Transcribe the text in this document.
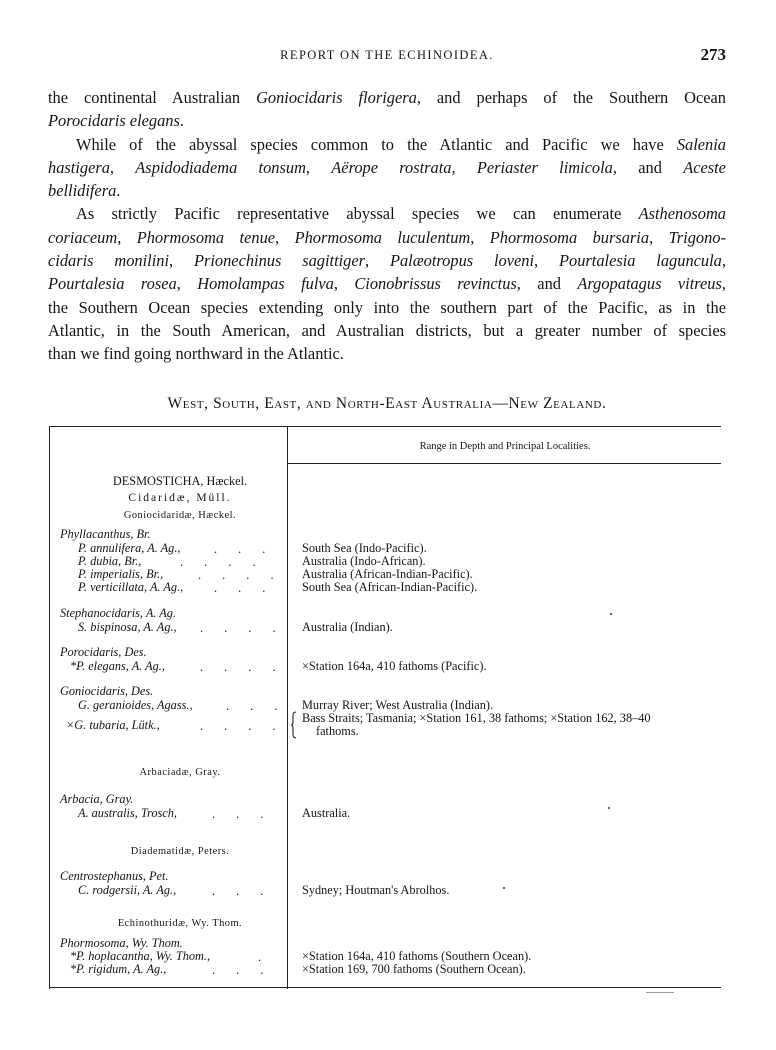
REPORT ON THE ECHINOIDEA.	273
the continental Australian Goniocidaris florigera, and perhaps of the Southern Ocean
Porocidaris elegans.
While of the abyssal species common to the Atlantic and Pacific we have Salenia
hastigera, Aspidodiadema tonsum, Aërope rostrata, Periaster limicola, and Aceste
bellidifera.
As strictly Pacific representative abyssal species we can enumerate Asthenosoma
coriaceum, Phormosoma tenue, Phormosoma luculentum, Phormosoma bursaria, Trigono-
cidaris monilini, Prionechinus sagittiger, Palæotropus loveni, Pourtalesia laguncula,
Pourtalesia rosea, Homolampas fulva, Cionobrissus revinctus, and Argopatagus vitreus,
the Southern Ocean species extending only into the southern part of the Pacific, as in the
Atlantic, in the South American, and Australian districts, but a greater number of species
than we find going northward in the Atlantic.
West, South, East, and North-East Australia—New Zealand.
Range in Depth and Principal Localities.
DESMOSTICHA, Hæckel.
Cidaridæ, Müll.
Goniocidaridæ, Hæckel.
Phyllacanthus, Br.
P. annulifera, A. Ag.,	. . . South Sea (Indo-Pacific).
P. dubia, Br.,	. . . .	Australia (Indo-African).
P. imperialis, Br.,	. . . . Australia (African-Indian-Pacific).
P. verticillata, A. Ag.,	. . . South Sea (African-Indian-Pacific).
Stephanocidaris, A. Ag.
S. bispinosa, A. Ag., . . . . Australia (Indian).
Porocidaris, Des.
*P. elegans, A. Ag.,	. . . . ×Station 164a, 410 fathoms (Pacific).
Goniocidaris, Des.
G. geranioides, Agass.,	. . . Murray River; West Australia (Indian).
×G. tubaria, Lütk.,	. . . .
Bass Straits; Tasmania; ×Station 161, 38 fathoms; ×Station 162, 38–40
fathoms.
Arbaciadæ, Gray.
Arbacia, Gray.
A. australis, Trosch,	. . . Australia.
Diadematidæ, Peters.
Centrostephanus, Pet.
C. rodgersii, A. Ag.,	. . . Sydney; Houtman's Abrolhos.
Echinothuridæ, Wy. Thom.
Phormosoma, Wy. Thom.
*P. hoplacantha, Wy. Thom.,	.	×Station 164a, 410 fathoms (Southern Ocean).
*P. rigidum, A. Ag.,	. . . ×Station 169, 700 fathoms (Southern Ocean).
